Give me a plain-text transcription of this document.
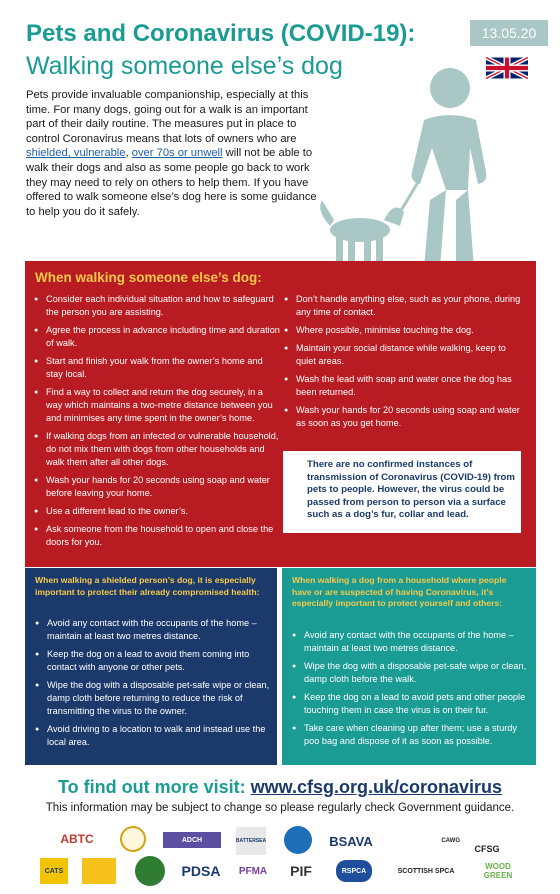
Pets and Coronavirus (COVID-19):
Walking someone else’s dog
13.05.20

Pets provide invaluable companionship, especially at this time. For many dogs, going out for a walk is an important part of their daily routine. The measures put in place to control Coronavirus means that lots of owners who are shielded, vulnerable, over 70s or unwell will not be able to walk their dogs and also as some people go back to work they may need to rely on others to help them. If you have offered to walk someone else’s dog here is some guidance to help you do it safely.

When walking someone else’s dog:
● Consider each individual situation and how to safeguard the person you are assisting.
● Agree the process in advance including time and duration of walk.
● Start and finish your walk from the owner’s home and stay local.
● Find a way to collect and return the dog securely, in a way which maintains a two-metre distance between you and minimises any time spent in the owner’s home.
● If walking dogs from an infected or vulnerable household, do not mix them with dogs from other households and walk them after all other dogs.
● Wash your hands for 20 seconds using soap and water before leaving your home.
● Use a different lead to the owner’s.
● Ask someone from the household to open and close the doors for you.
● Don’t handle anything else, such as your phone, during any time of contact.
● Where possible, minimise touching the dog.
● Maintain your social distance while walking, keep to quiet areas.
● Wash the lead with soap and water once the dog has been returned.
● Wash your hands for 20 seconds using soap and water as soon as you get home.
There are no confirmed instances of transmission of Coronavirus (COVID-19) from pets to people. However, the virus could be passed from person to person via a surface such as a dog’s fur, collar and lead.
When walking a shielded person’s dog, it is especially important to protect their already compromised health:
● Avoid any contact with the occupants of the home – maintain at least two metres distance.
● Keep the dog on a lead to avoid them coming into contact with anyone or other pets.
● Wipe the dog with a disposable pet-safe wipe or clean, damp cloth before returning to reduce the risk of transmitting the virus to the owner.
● Avoid driving to a location to walk and instead use the local area.
When walking a dog from a household where people have or are suspected of having Coronavirus, it’s especially important to protect yourself and others:
● Avoid any contact with the occupants of the home – maintain at least two metres distance.
● Wipe the dog with a disposable pet-safe wipe or clean, damp cloth before the walk.
● Keep the dog on a lead to avoid pets and other people touching them in case the virus is on their fur.
● Take care when cleaning up after them; use a sturdy poo bag and dispose of it as soon as possible.
To find out more visit: www.cfsg.org.uk/coronavirus
This information may be subject to change so please regularly check Government guidance.
ABTC	ADCH	BATTERSEA	BSAVA	CAWG
CFSG
CATS	PDSA PFMA	PIF	RSPCA	SCOTTISH SPCA	WOOD GREEN
